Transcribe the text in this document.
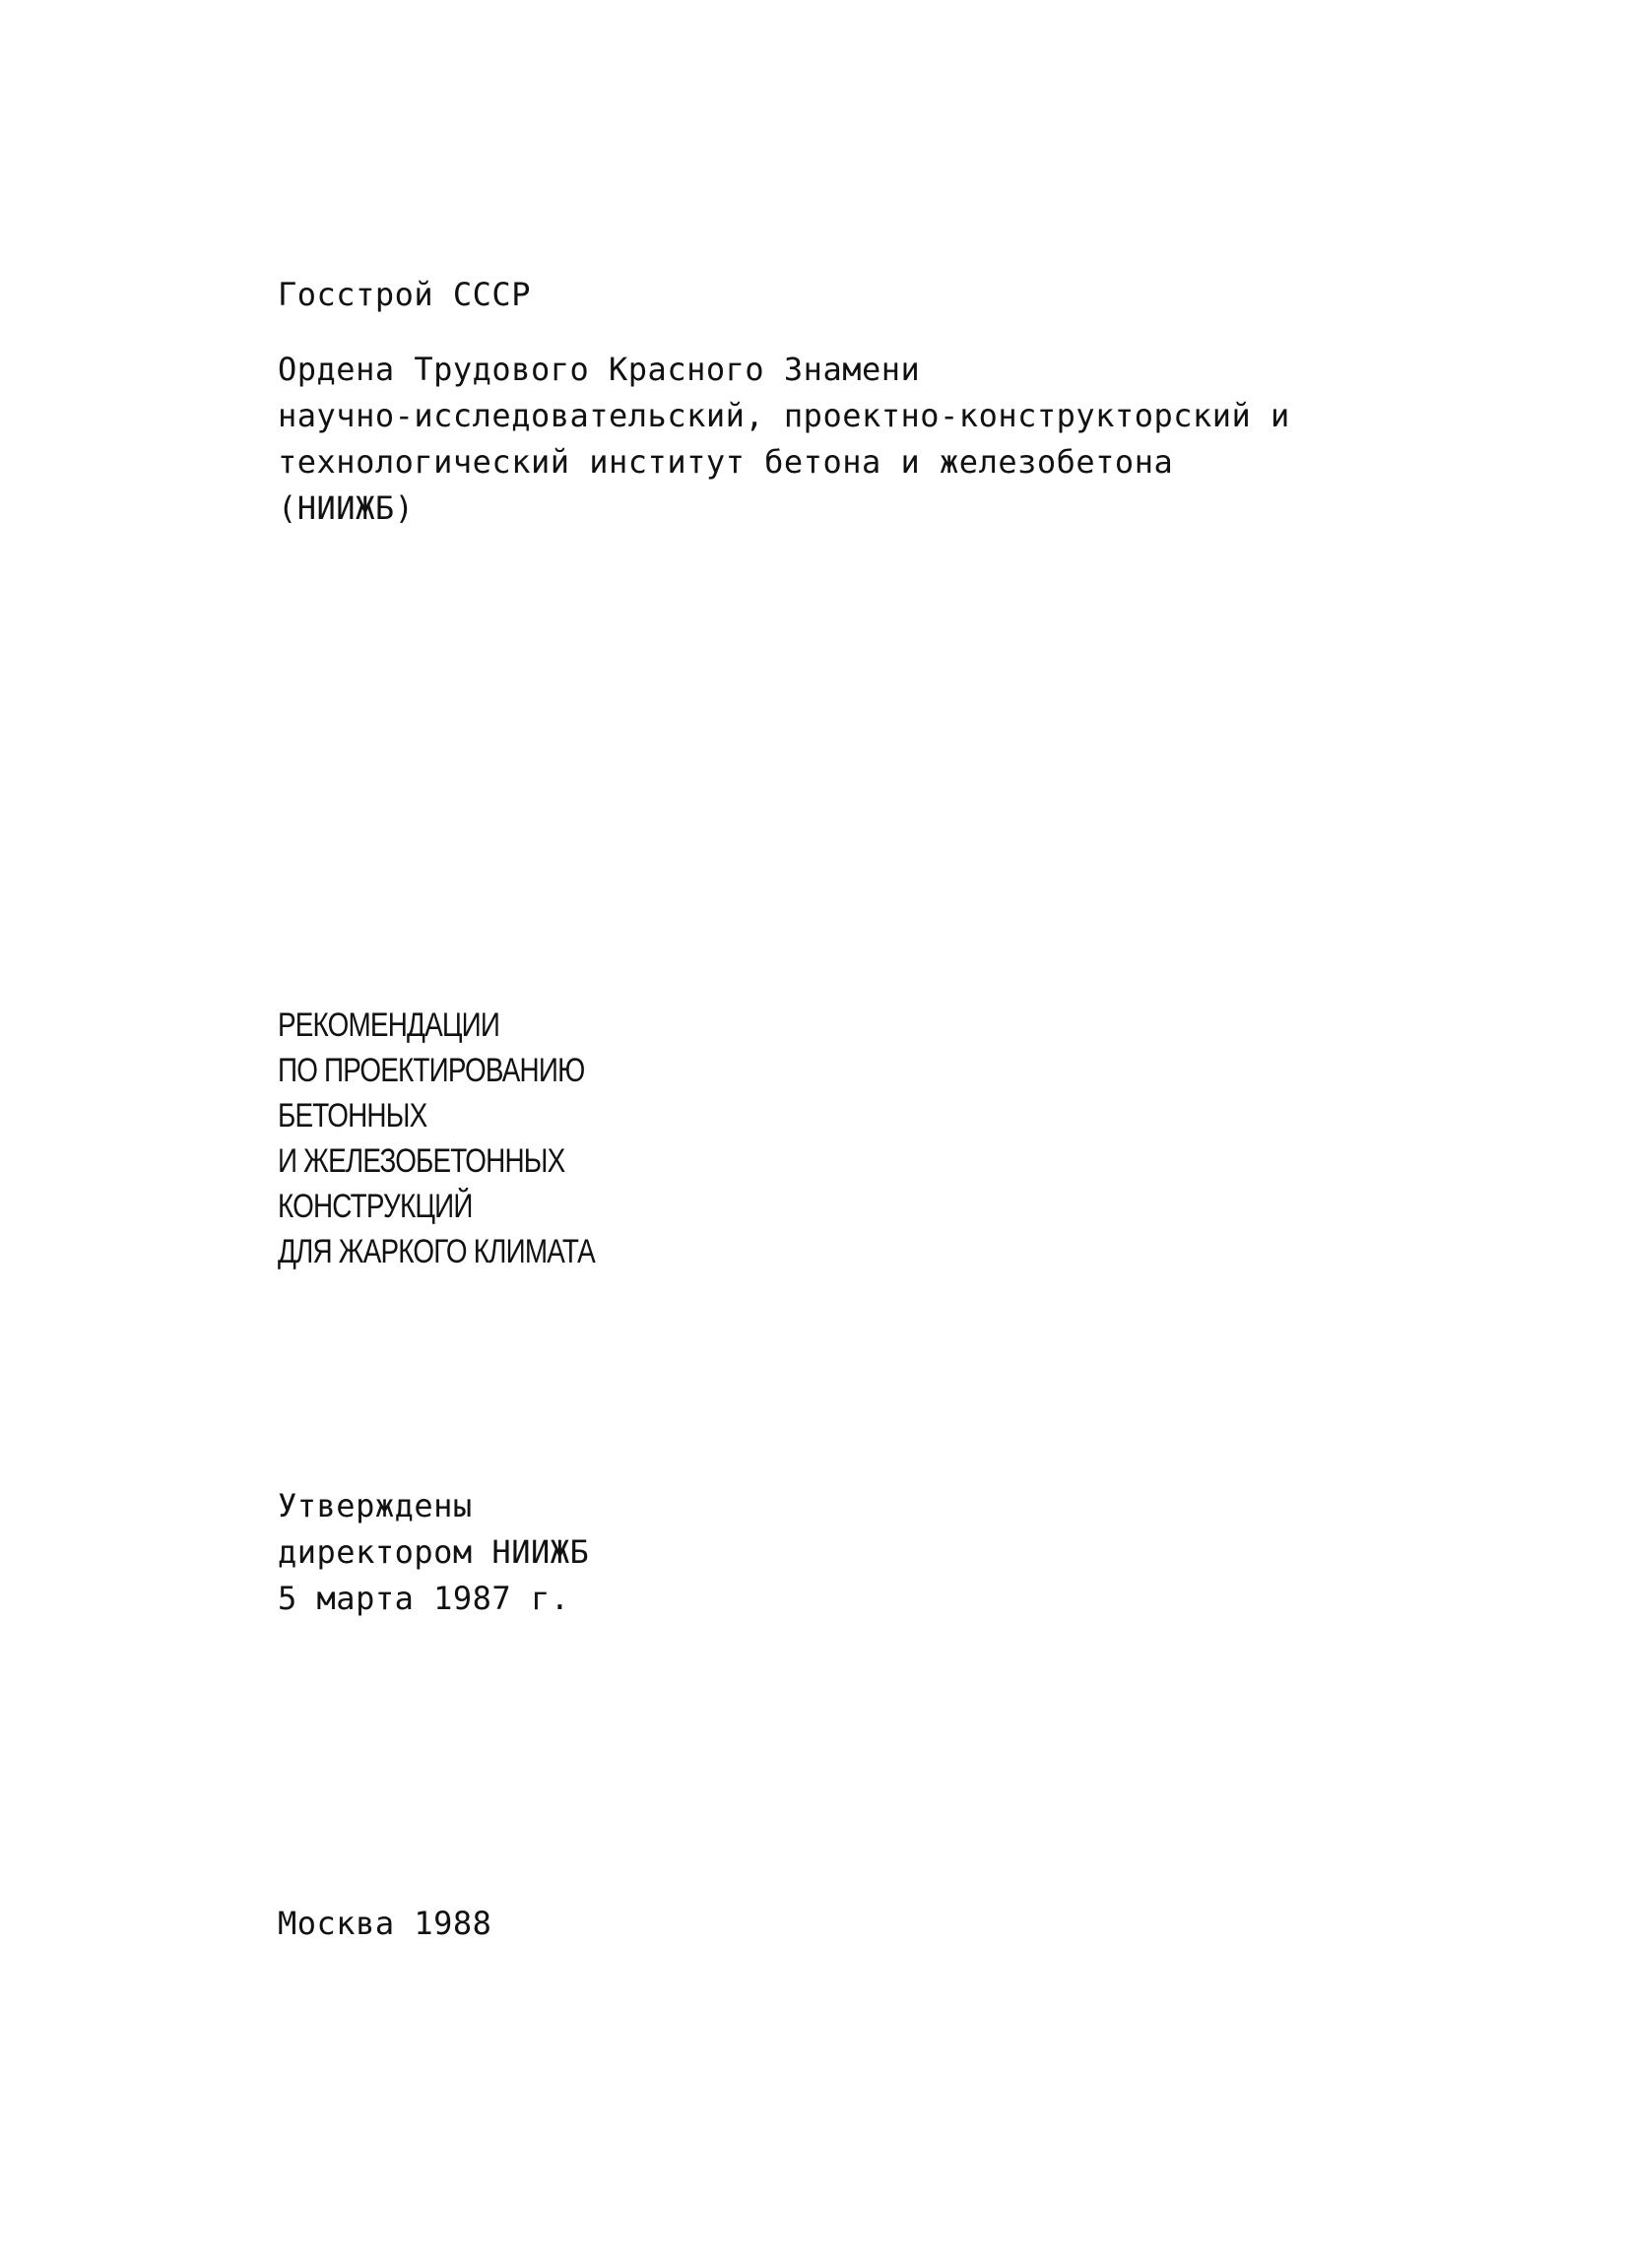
Госстрой СССР
Ордена Трудового Красного Знамени
научно-исследовательский, проектно-конструкторский и
технологический институт бетона и железобетона
(НИИЖБ)
РЕКОМЕНДАЦИИ
ПО ПРОЕКТИРОВАНИЮ
БЕТОННЫХ
И ЖЕЛЕЗОБЕТОННЫХ
КОНСТРУКЦИЙ
ДЛЯ ЖАРКОГО КЛИМАТА
Утверждены
директором НИИЖБ
5 марта 1987 г.
Москва 1988
